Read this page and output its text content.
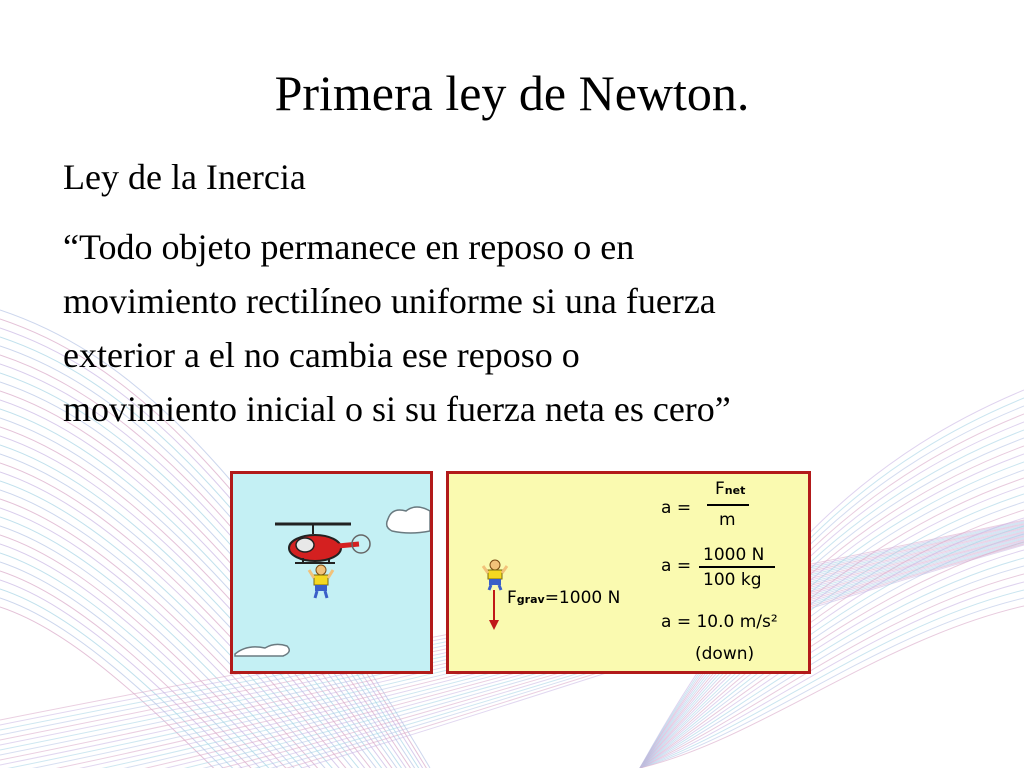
Primera ley de Newton.
Ley de la Inercia
“Todo objeto permanece en reposo o en
movimiento rectilíneo uniforme si una fuerza
exterior a el no cambia ese reposo o
movimiento inicial o si su fuerza neta es cero”
Fgrav=1000 N
a =
Fnet
m
a =
1000 N
100 kg
a = 10.0 m/s²
(down)
